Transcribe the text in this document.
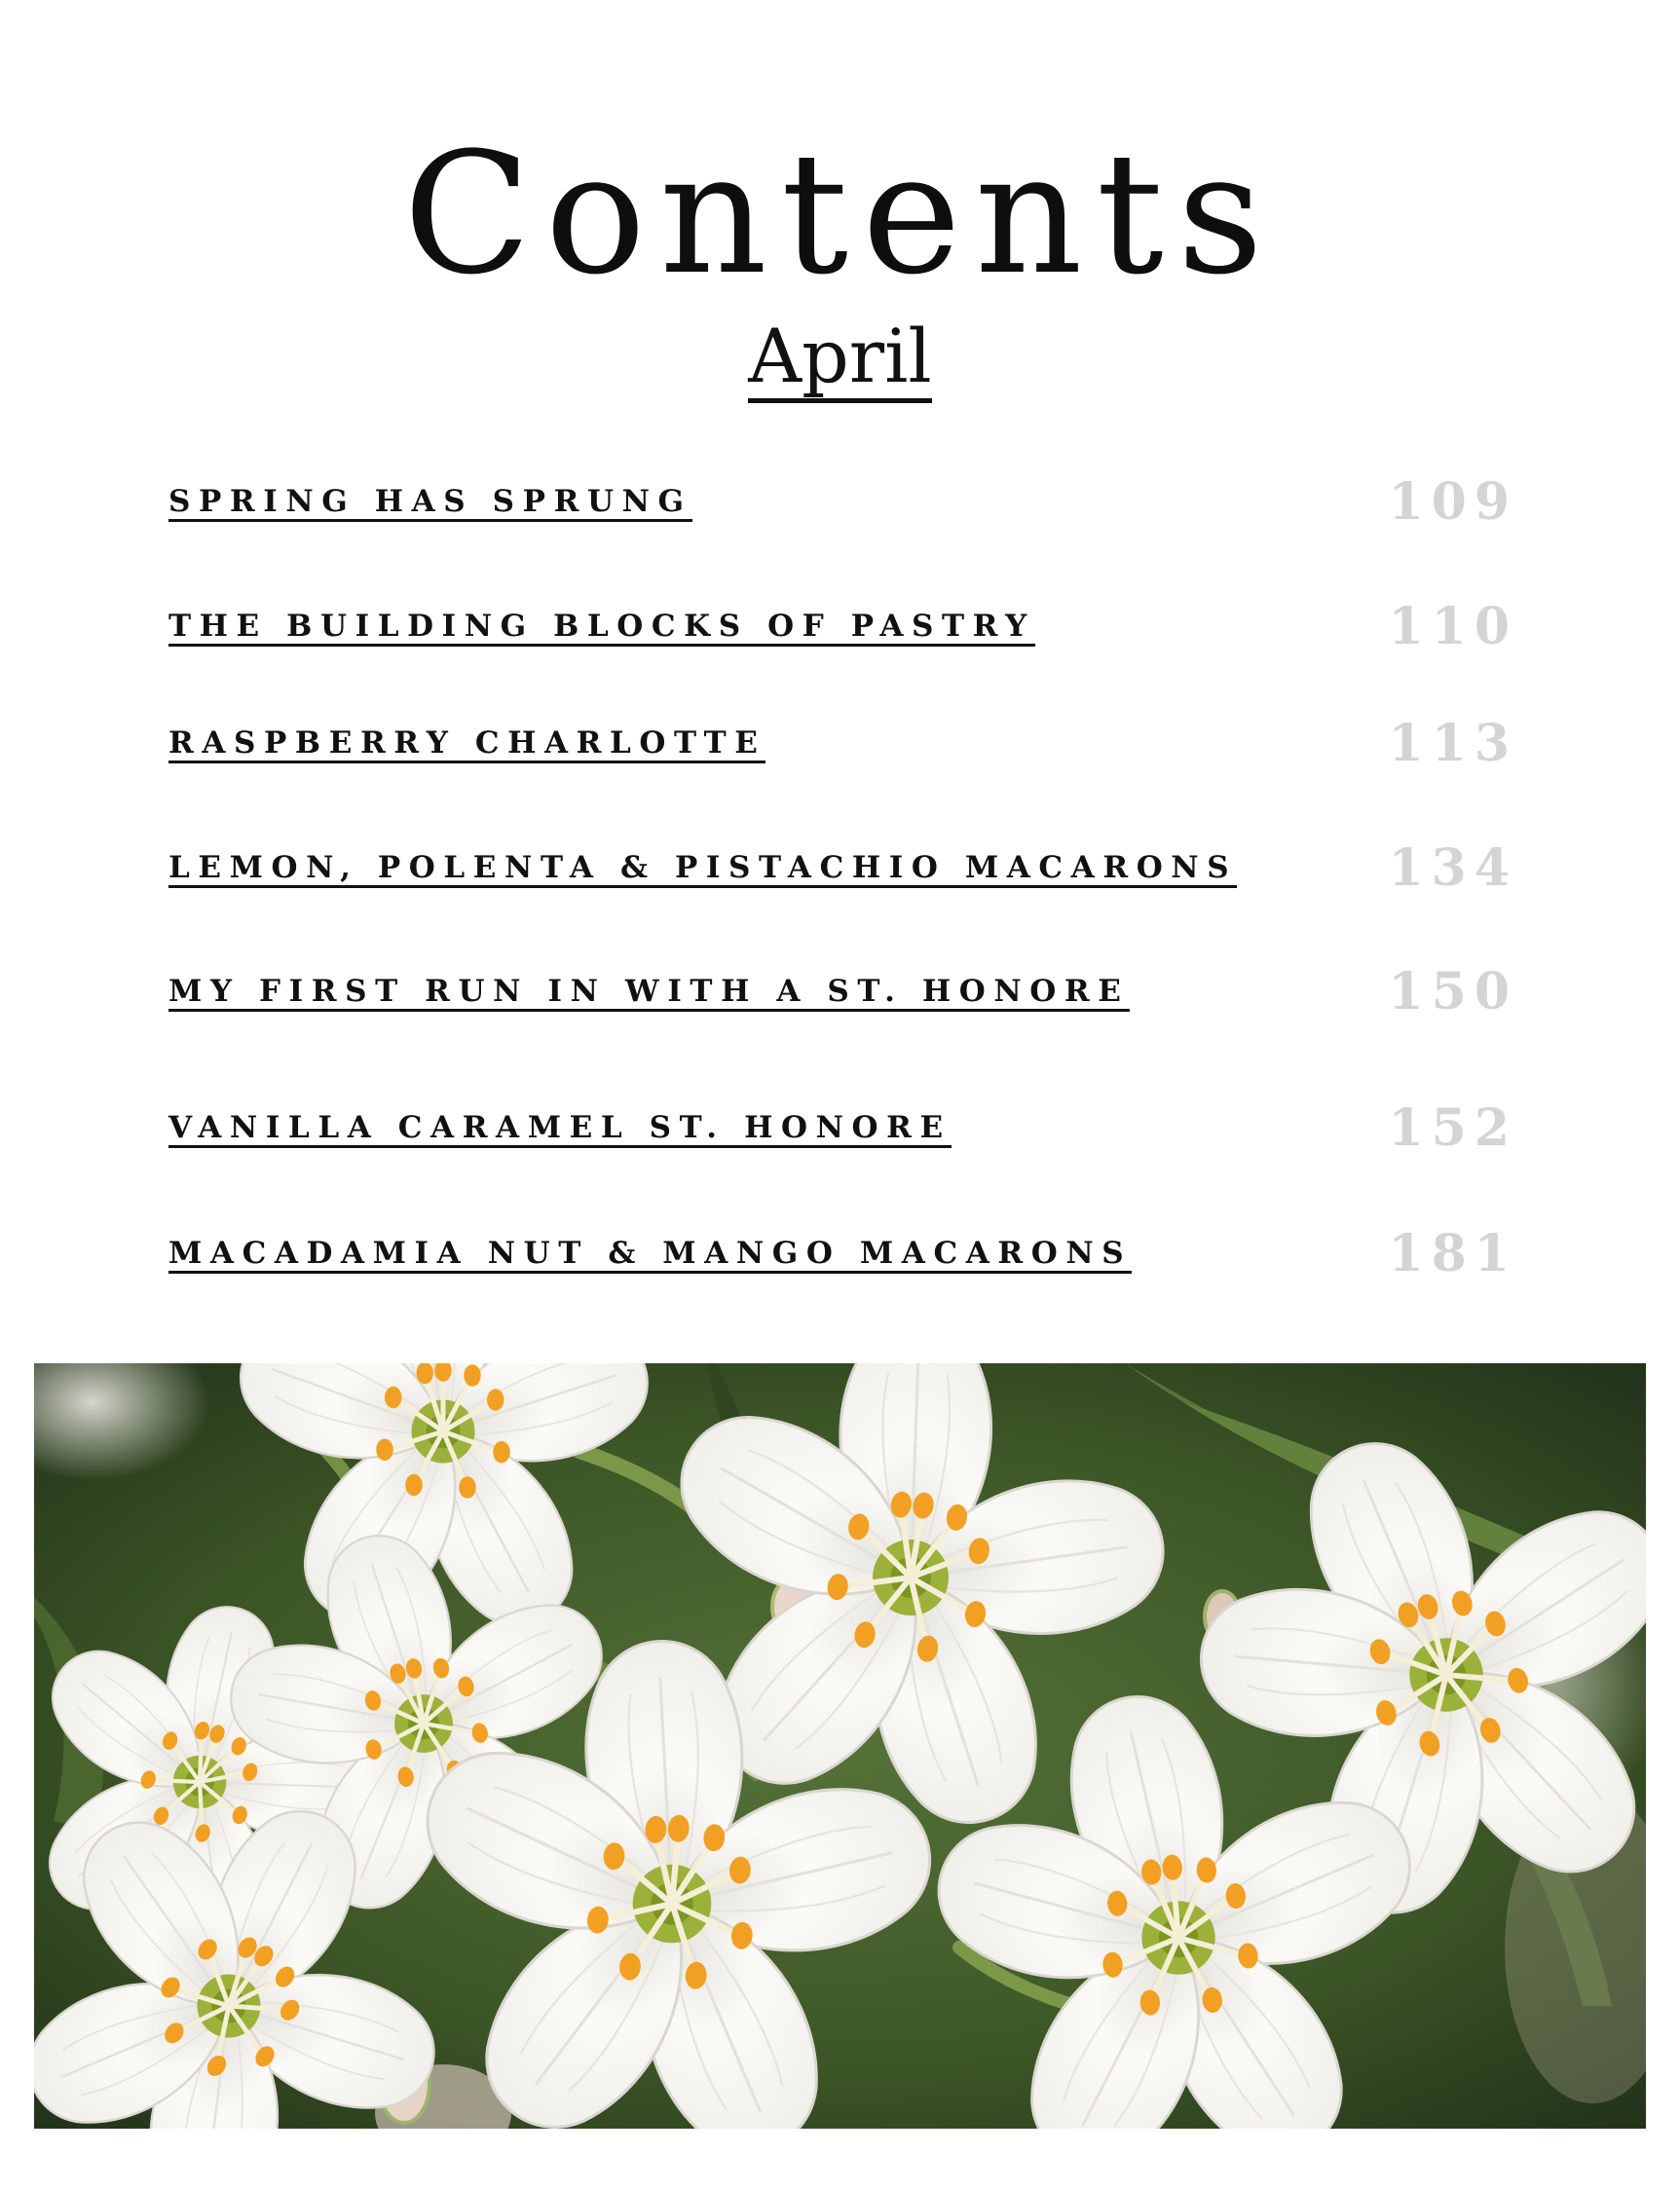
Contents
April
SPRING HAS SPRUNG	109
THE BUILDING BLOCKS OF PASTRY	110
RASPBERRY CHARLOTTE	113
LEMON, POLENTA & PISTACHIO MACARONS	134
MY FIRST RUN IN WITH A ST. HONORE	150
VANILLA CARAMEL ST. HONORE	152
MACADAMIA NUT & MANGO MACARONS	181
